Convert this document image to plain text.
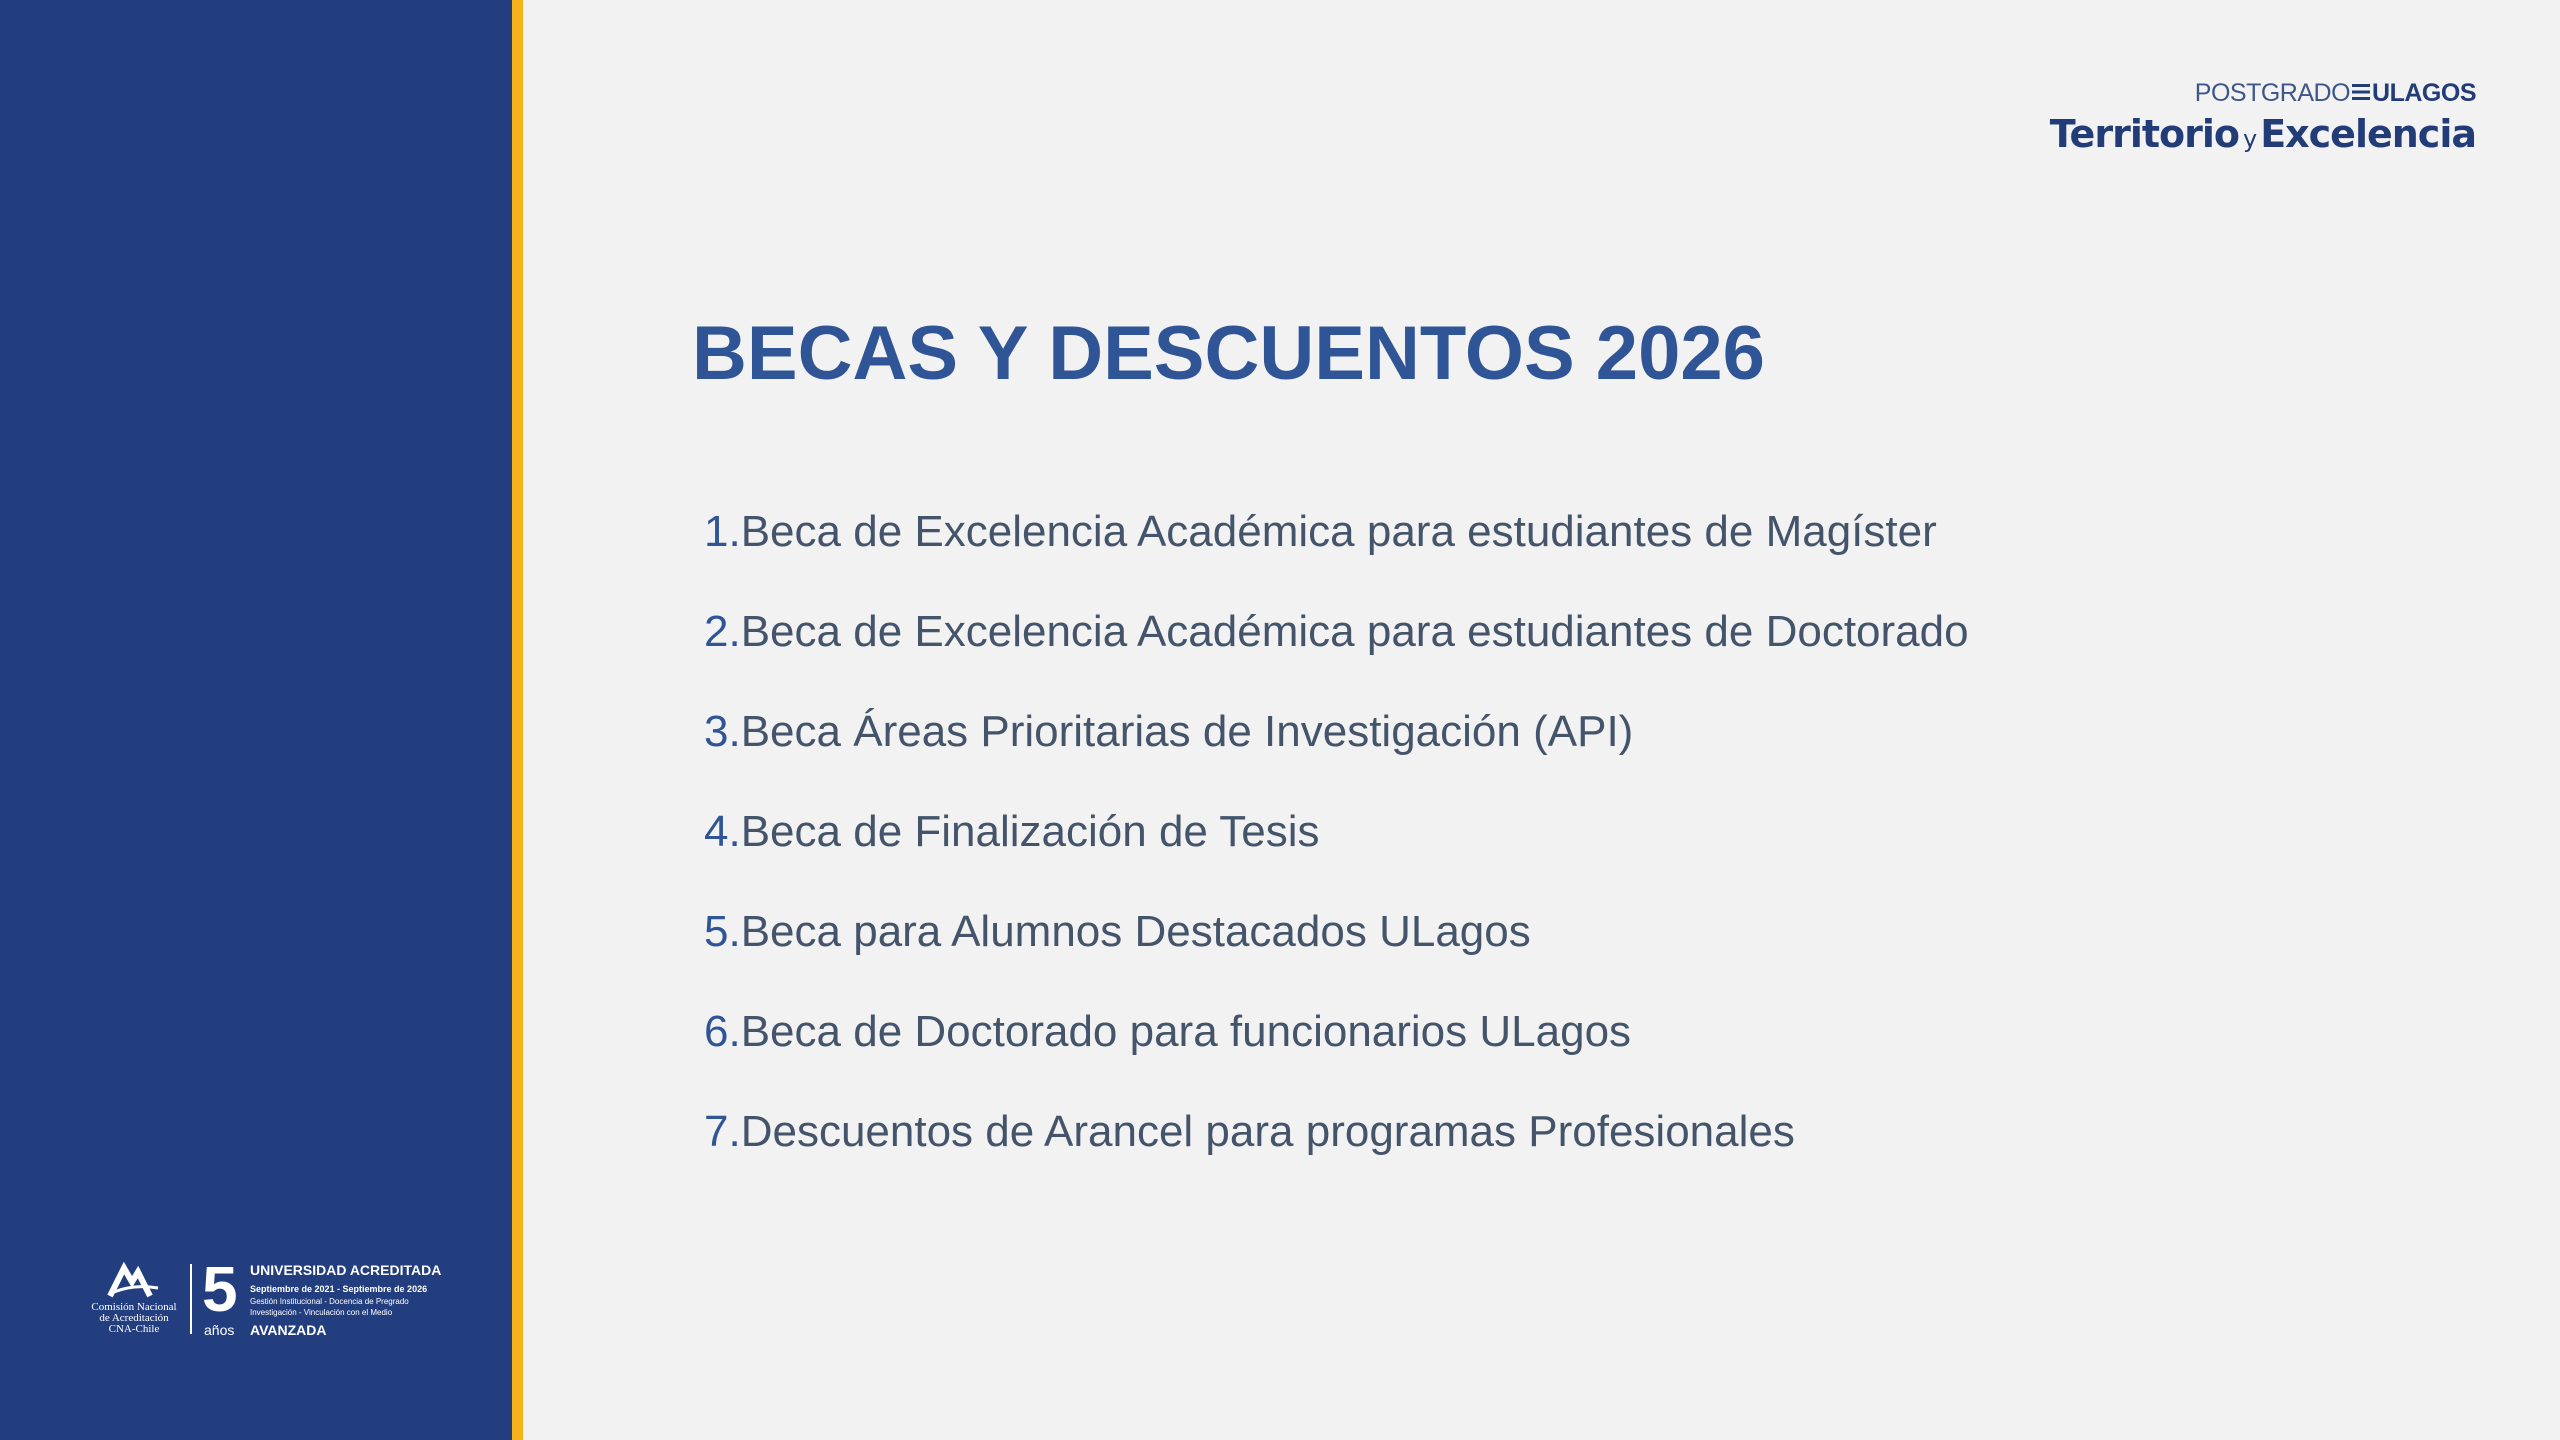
POSTGRADO ULAGOS
Territorio y Excelencia
BECAS Y DESCUENTOS 2026
1.Beca de Excelencia Académica para estudiantes de Magíster
2.Beca de Excelencia Académica para estudiantes de Doctorado
3.Beca Áreas Prioritarias de Investigación (API)
4.Beca de Finalización de Tesis
5.Beca para Alumnos Destacados ULagos
6.Beca de Doctorado para funcionarios ULagos
7.Descuentos de Arancel para programas Profesionales
Comisión Nacional
de Acreditación
CNA-Chile
5
años
UNIVERSIDAD ACREDITADA
Septiembre de 2021 - Septiembre de 2026
Gestión Institucional - Docencia de Pregrado
Investigación - Vinculación con el Medio
AVANZADA
